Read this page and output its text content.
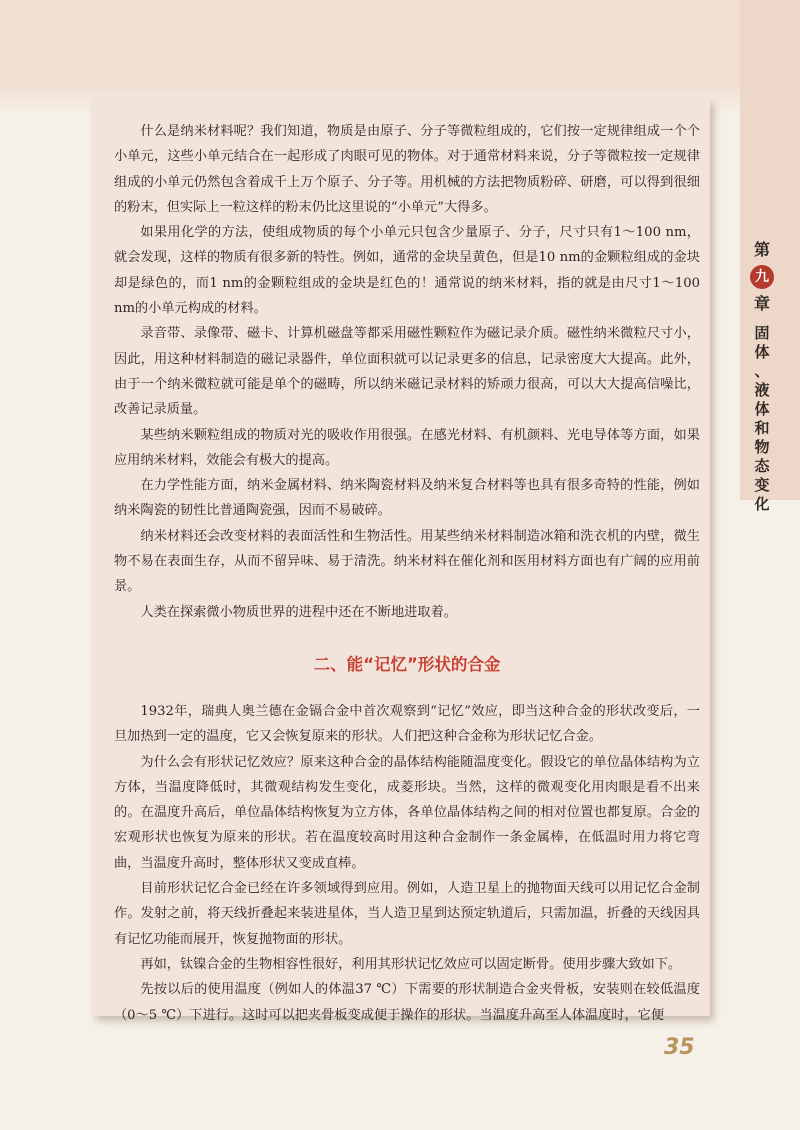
第
九
章
固
体
、
液
体
和
物
态
变
化

什么是纳米材料呢？我们知道，物质是由原子、分子等微粒组成的，它们按一定规律组成一个个小单元，这些小单元结合在一起形成了肉眼可见的物体。对于通常材料来说，分子等微粒按一定规律组成的小单元仍然包含着成千上万个原子、分子等。用机械的方法把物质粉碎、研磨，可以得到很细的粉末，但实际上一粒这样的粉末仍比这里说的“小单元”大得多。

如果用化学的方法，使组成物质的每个小单元只包含少量原子、分子，尺寸只有1～100 nm，就会发现，这样的物质有很多新的特性。例如，通常的金块呈黄色，但是10 nm的金颗粒组成的金块却是绿色的，而1 nm的金颗粒组成的金块是红色的！通常说的纳米材料，指的就是由尺寸1～100 nm的小单元构成的材料。

录音带、录像带、磁卡、计算机磁盘等都采用磁性颗粒作为磁记录介质。磁性纳米微粒尺寸小，因此，用这种材料制造的磁记录器件，单位面积就可以记录更多的信息，记录密度大大提高。此外，由于一个纳米微粒就可能是单个的磁畴，所以纳米磁记录材料的矫顽力很高，可以大大提高信噪比，改善记录质量。

某些纳米颗粒组成的物质对光的吸收作用很强。在感光材料、有机颜料、光电导体等方面，如果应用纳米材料，效能会有极大的提高。

在力学性能方面，纳米金属材料、纳米陶瓷材料及纳米复合材料等也具有很多奇特的性能，例如纳米陶瓷的韧性比普通陶瓷强，因而不易破碎。

纳米材料还会改变材料的表面活性和生物活性。用某些纳米材料制造冰箱和洗衣机的内壁，微生物不易在表面生存，从而不留异味、易于清洗。纳米材料在催化剂和医用材料方面也有广阔的应用前景。

人类在探索微小物质世界的进程中还在不断地进取着。

二、能“记忆”形状的合金

1932年，瑞典人奥兰德在金镉合金中首次观察到“记忆”效应，即当这种合金的形状改变后，一旦加热到一定的温度，它又会恢复原来的形状。人们把这种合金称为形状记忆合金。

为什么会有形状记忆效应？原来这种合金的晶体结构能随温度变化。假设它的单位晶体结构为立方体，当温度降低时，其微观结构发生变化，成菱形块。当然，这样的微观变化用肉眼是看不出来的。在温度升高后，单位晶体结构恢复为立方体，各单位晶体结构之间的相对位置也都复原。合金的宏观形状也恢复为原来的形状。若在温度较高时用这种合金制作一条金属棒，在低温时用力将它弯曲，当温度升高时，整体形状又变成直棒。

目前形状记忆合金已经在许多领域得到应用。例如，人造卫星上的抛物面天线可以用记忆合金制作。发射之前，将天线折叠起来装进星体，当人造卫星到达预定轨道后，只需加温，折叠的天线因具有记忆功能而展开，恢复抛物面的形状。

再如，钛镍合金的生物相容性很好，利用其形状记忆效应可以固定断骨。使用步骤大致如下。

先按以后的使用温度（例如人的体温37 ℃）下需要的形状制造合金夹骨板，安装则在较低温度（0～5 ℃）下进行。这时可以把夹骨板变成便于操作的形状。当温度升高至人体温度时，它便

35
